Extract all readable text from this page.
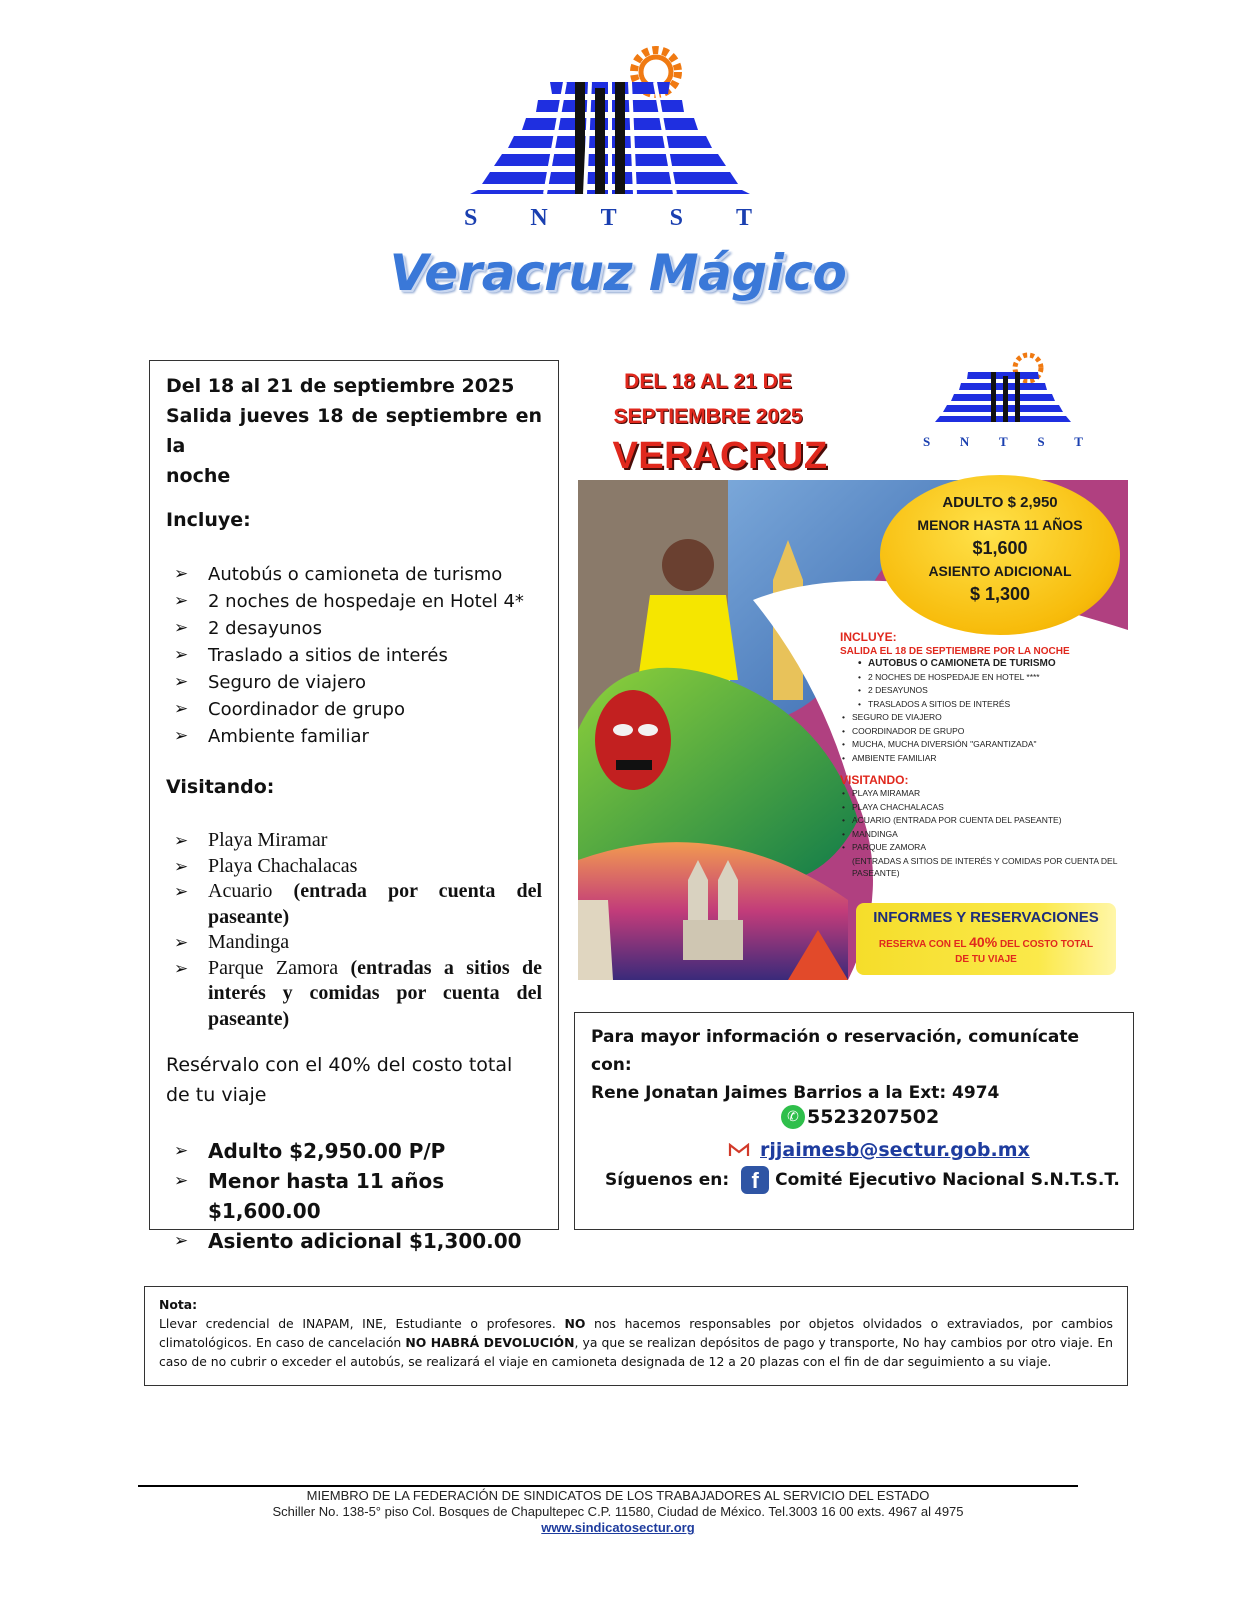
S N T S T
Veracruz Mágico
Del 18 al 21 de septiembre 2025
Salida jueves 18 de septiembre en la
noche
Incluye:
➢ Autobús o camioneta de turismo
➢ 2 noches de hospedaje en Hotel 4*
➢ 2 desayunos
➢ Traslado a sitios de interés
➢ Seguro de viajero
➢ Coordinador de grupo
➢ Ambiente familiar
Visitando:
➢ Playa Miramar
➢ Playa Chachalacas
➢ Acuario (entrada por cuenta del paseante)
➢ Mandinga
➢ Parque Zamora (entradas a sitios de interés y comidas por cuenta del paseante)
Resérvalo con el 40% del costo total de tu viaje
➢ Adulto $2,950.00 P/P
➢ Menor hasta 11 años $1,600.00
➢ Asiento adicional $1,300.00
DEL 18 AL 21 DE
SEPTIEMBRE 2025
VERACRUZ	S N T S T
ADULTO $ 2,950
MENOR HASTA 11 AÑOS
$1,600
ASIENTO ADICIONAL
$ 1,300
INCLUYE:
SALIDA EL 18 DE SEPTIEMBRE POR LA NOCHE
• AUTOBUS O CAMIONETA DE TURISMO
• 2 NOCHES DE HOSPEDAJE EN HOTEL ****
• 2 DESAYUNOS
• TRASLADOS A SITIOS DE INTERÉS
• SEGURO DE VIAJERO
• COORDINADOR DE GRUPO
• MUCHA, MUCHA DIVERSIÓN "GARANTIZADA"
• AMBIENTE FAMILIAR
VISITANDO:
• PLAYA MIRAMAR
• PLAYA CHACHALACAS
• ACUARIO (ENTRADA POR CUENTA DEL PASEANTE)
• MANDINGA
• PARQUE ZAMORA
(ENTRADAS A SITIOS DE INTERÉS Y COMIDAS POR CUENTA DEL PASEANTE)
INFORMES Y RESERVACIONES
RESERVA CON EL 40% DEL COSTO TOTAL
DE TU VIAJE
Para mayor información o reservación, comunícate con:
Rene Jonatan Jaimes Barrios a la Ext: 4974
✆ 5523207502
rjjaimesb@sectur.gob.mx
Síguenos en:	f Comité Ejecutivo Nacional S.N.T.S.T.
Nota:

Llevar credencial de INAPAM, INE, Estudiante o profesores. NO nos hacemos responsables por objetos olvidados o extraviados, por cambios climatológicos. En caso de cancelación NO HABRÁ DEVOLUCIÓN, ya que se realizan depósitos de pago y transporte, No hay cambios por otro viaje. En caso de no cubrir o exceder el autobús, se realizará el viaje en camioneta designada de 12 a 20 plazas con el fin de dar seguimiento a su viaje.

MIEMBRO DE LA FEDERACIÓN DE SINDICATOS DE LOS TRABAJADORES AL SERVICIO DEL ESTADO
Schiller No. 138-5° piso Col. Bosques de Chapultepec C.P. 11580, Ciudad de México. Tel.3003 16 00 exts. 4967 al 4975
www.sindicatosectur.org
